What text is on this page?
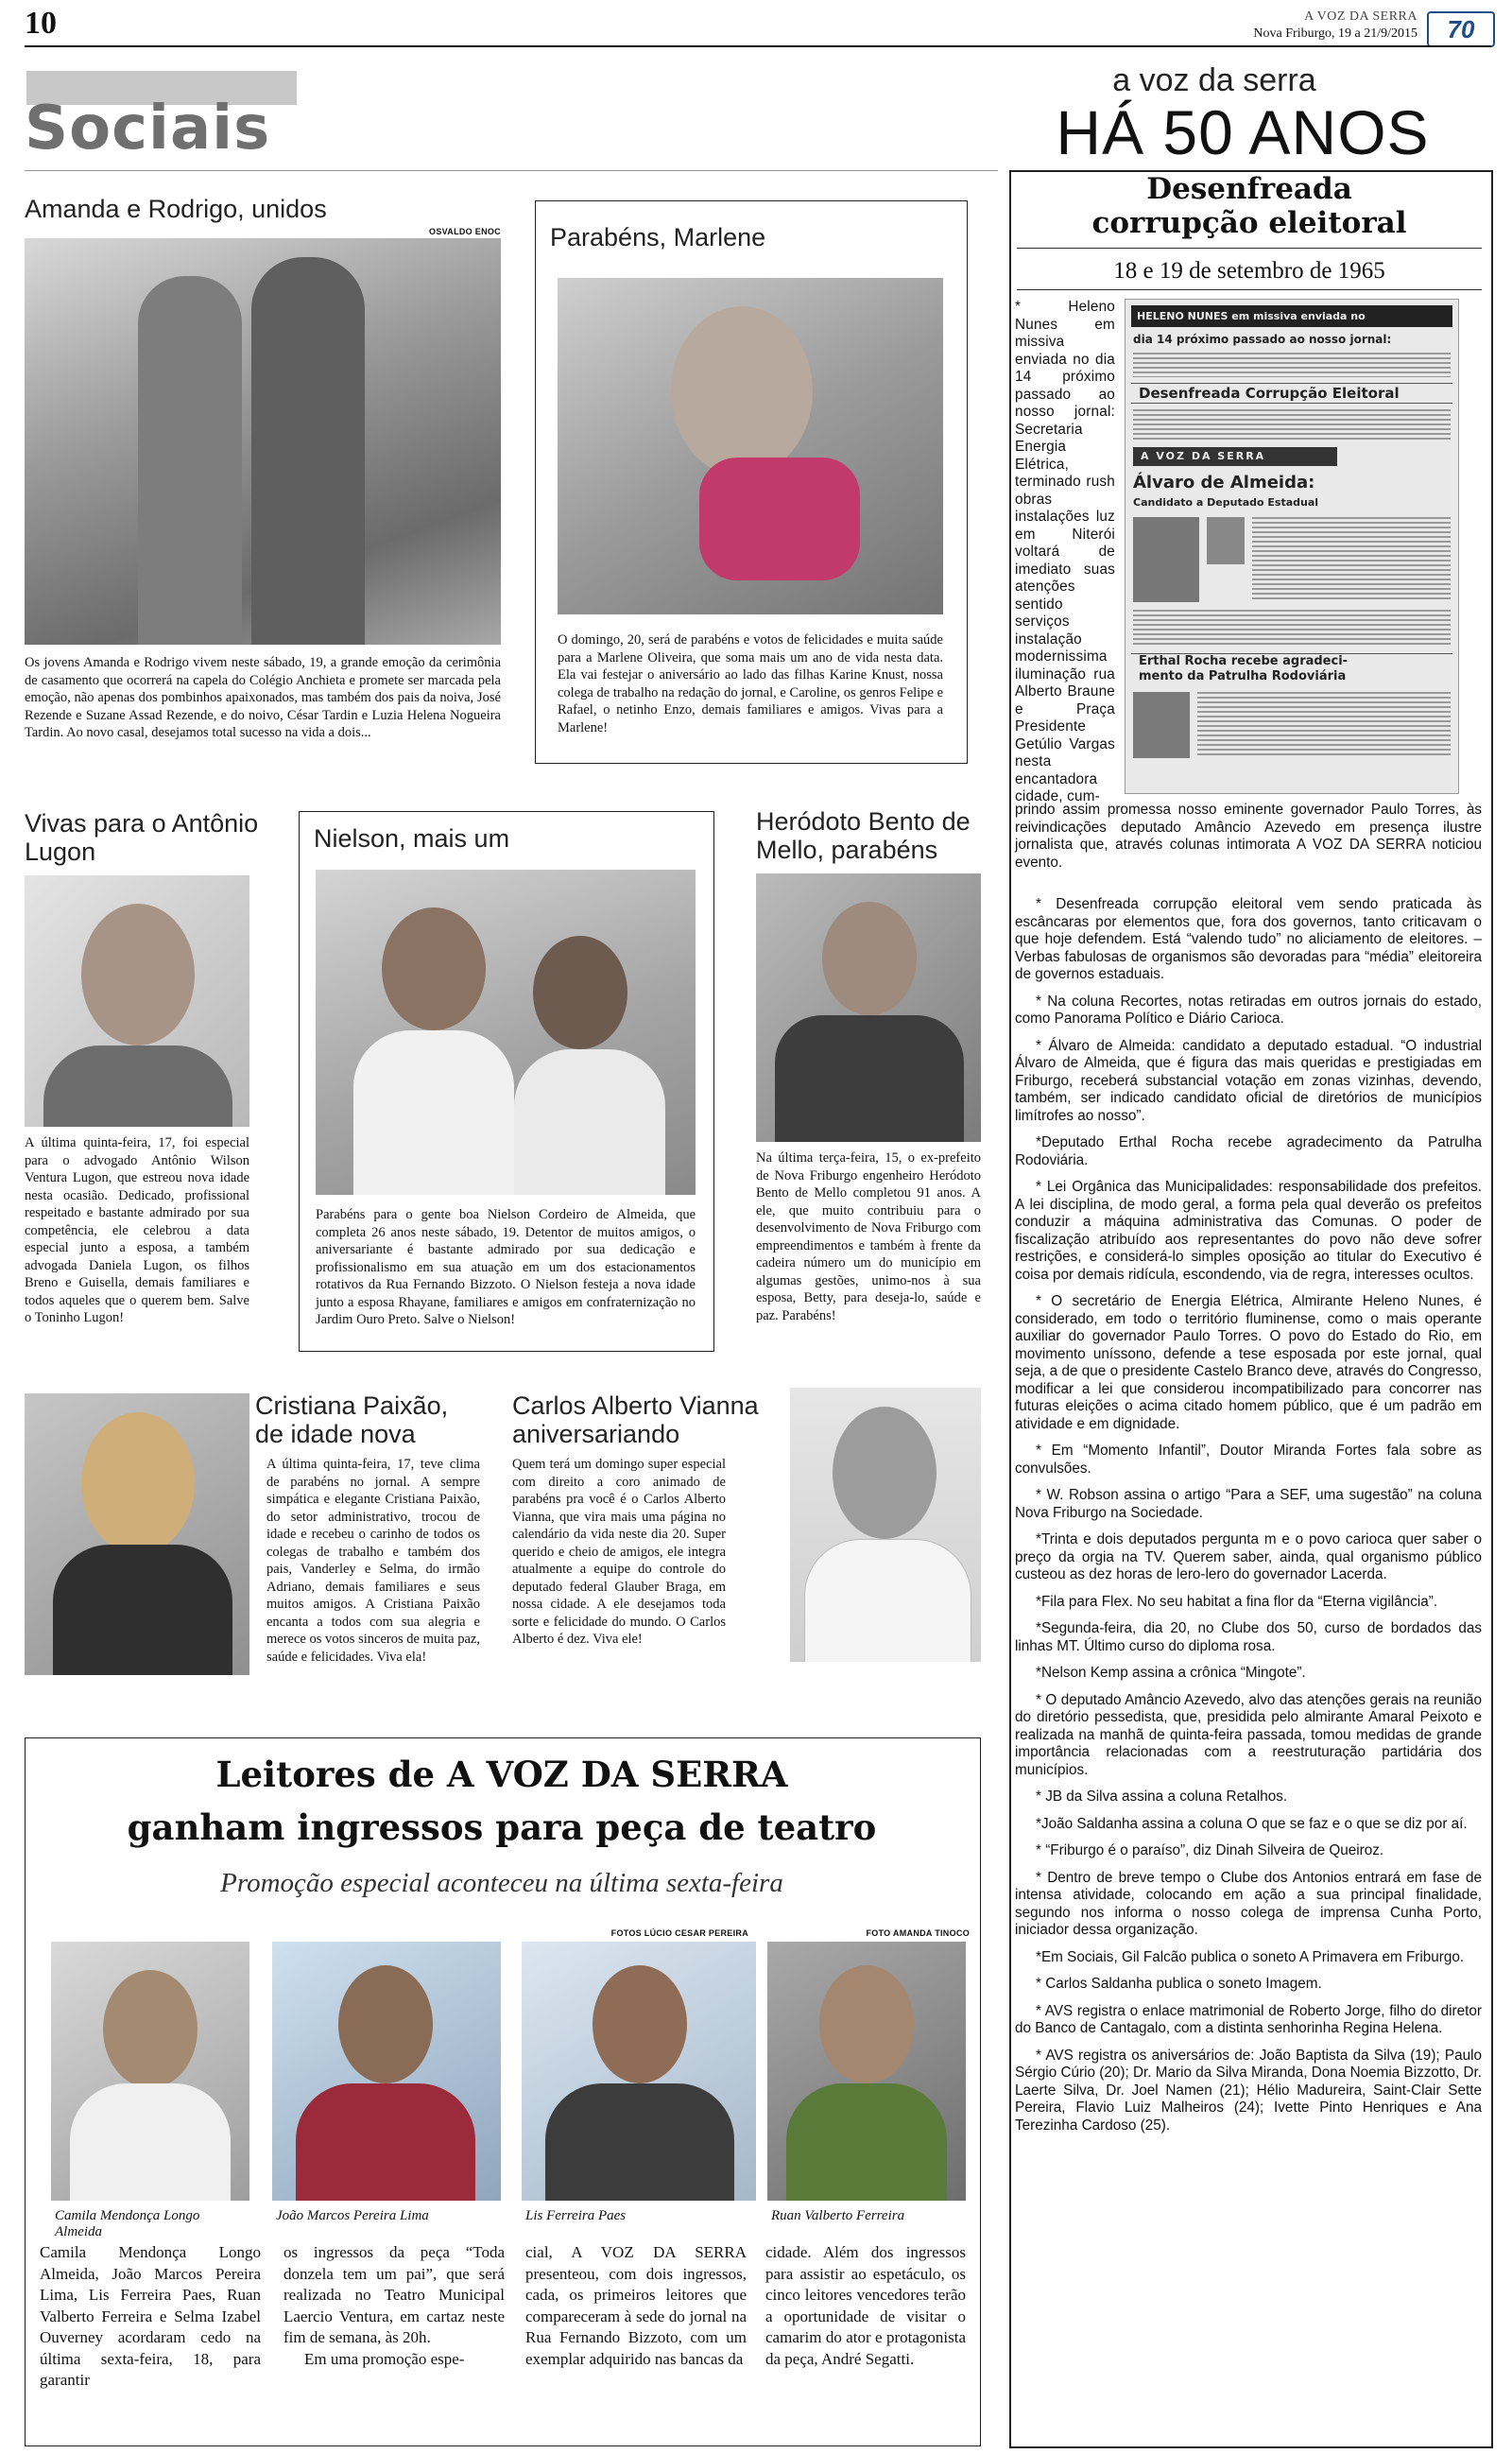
10	A VOZ DA SERRA
Nova Friburgo, 19 a 21/9/2015	70
Sociais
Amanda e Rodrigo, unidos
OSVALDO ENOC
Os jovens Amanda e Rodrigo vivem neste sábado, 19, a grande emoção da cerimônia de casamento que ocorrerá na capela do Colégio Anchieta e promete ser marcada pela emoção, não apenas dos pombinhos apaixonados, mas também dos pais da noiva, José Rezende e Suzane Assad Rezende, e do noivo, César Tardin e Luzia Helena Nogueira Tardin. Ao novo casal, desejamos total sucesso na vida a dois...
Parabéns, Marlene
O domingo, 20, será de parabéns e votos de felicidades e muita saúde para a Marlene Oliveira, que soma mais um ano de vida nesta data. Ela vai festejar o aniversário ao lado das filhas Karine Knust, nossa colega de trabalho na redação do jornal, e Caroline, os genros Felipe e Rafael, o netinho Enzo, demais familiares e amigos. Vivas para a Marlene!
Vivas para o Antônio Lugon
A última quinta-feira, 17, foi especial para o advogado Antônio Wilson Ventura Lugon, que estreou nova idade nesta ocasião. Dedicado, profissional respeitado e bastante admirado por sua competência, ele celebrou a data especial junto a esposa, a também advogada Daniela Lugon, os filhos Breno e Guisella, demais familiares e todos aqueles que o querem bem. Salve o Toninho Lugon!
Nielson, mais um
Parabéns para o gente boa Nielson Cordeiro de Almeida, que completa 26 anos neste sábado, 19. Detentor de muitos amigos, o aniversariante é bastante admirado por sua dedicação e profissionalismo em sua atuação em um dos estacionamentos rotativos da Rua Fernando Bizzoto. O Nielson festeja a nova idade junto a esposa Rhayane, familiares e amigos em confraternização no Jardim Ouro Preto. Salve o Nielson!
Heródoto Bento de Mello, parabéns
Na última terça-feira, 15, o ex-prefeito de Nova Friburgo engenheiro Heródoto Bento de Mello completou 91 anos. A ele, que muito contribuiu para o desenvolvimento de Nova Friburgo com empreendimentos e também à frente da cadeira número um do município em algumas gestões, unimo-nos à sua esposa, Betty, para deseja-lo, saúde e paz. Parabéns!
Cristiana Paixão, de idade nova
A última quinta-feira, 17, teve clima de parabéns no jornal. A sempre simpática e elegante Cristiana Paixão, do setor administrativo, trocou de idade e recebeu o carinho de todos os colegas de trabalho e também dos pais, Vanderley e Selma, do irmão Adriano, demais familiares e seus muitos amigos. A Cristiana Paixão encanta a todos com sua alegria e merece os votos sinceros de muita paz, saúde e felicidades. Viva ela!
Carlos Alberto Vianna aniversariando
Quem terá um domingo super especial com direito a coro animado de parabéns pra você é o Carlos Alberto Vianna, que vira mais uma página no calendário da vida neste dia 20. Super querido e cheio de amigos, ele integra atualmente a equipe do controle do deputado federal Glauber Braga, em nossa cidade. A ele desejamos toda sorte e felicidade do mundo. O Carlos Alberto é dez. Viva ele!
Leitores de A VOZ DA SERRA
ganham ingressos para peça de teatro
Promoção especial aconteceu na última sexta-feira
FOTOS LÚCIO CESAR PEREIRA	FOTO AMANDA TINOCO
Camila Mendonça Longo Almeida
João Marcos Pereira Lima	Lis Ferreira Paes	Ruan Valberto Ferreira
Camila Mendonça Longo Almeida, João Marcos Pereira Lima, Lis Ferreira Paes, Ruan Valberto Ferreira e Selma Izabel Ouverney acordaram cedo na última sexta-feira, 18, para garantir
os ingressos da peça “Toda donzela tem um pai”, que será realizada no Teatro Municipal Laercio Ventura, em cartaz neste fim de semana, às 20h.
Em uma promoção espe-
cial, A VOZ DA SERRA presenteou, com dois ingressos, cada, os primeiros leitores que compareceram à sede do jornal na Rua Fernando Bizzoto, com um exemplar adquirido nas bancas da
cidade. Além dos ingressos para assistir ao espetáculo, os cinco leitores vencedores terão a oportunidade de visitar o camarim do ator e protagonista da peça, André Segatti.
a voz da serra
HÁ 50 ANOS
Desenfreada
corrupção eleitoral
18 e 19 de setembro de 1965
HELENO NUNES em missiva enviada no
dia 14 próximo passado ao nosso jornal:
Desenfreada Corrupção Eleitoral
A VOZ DA SERRA
Álvaro de Almeida:
Candidato a Deputado Estadual
Erthal Rocha recebe agradeci-
mento da Patrulha Rodoviária
* Heleno Nunes em missiva enviada no dia 14 próximo passado ao nosso jornal: Secretaria Energia Elétrica, terminado rush obras instalações luz em Niterói voltará de imediato suas atenções sentido serviços instalação modernissima iluminação rua Alberto Braune e Praça Presidente Getúlio Vargas nesta encantadora cidade, cum-
prindo assim promessa nosso eminente governador Paulo Torres, às reivindicações deputado Amâncio Azevedo em presença ilustre jornalista que, através colunas intimorata A VOZ DA SERRA noticiou evento.

* Desenfreada corrupção eleitoral vem sendo praticada às escâncaras por elementos que, fora dos governos, tanto criticavam o que hoje defendem. Está “valendo tudo” no aliciamento de eleitores. – Verbas fabulosas de organismos são devoradas para “média” eleitoreira de governos estaduais.

* Na coluna Recortes, notas retiradas em outros jornais do estado, como Panorama Político e Diário Carioca.

* Álvaro de Almeida: candidato a deputado estadual. “O industrial Álvaro de Almeida, que é figura das mais queridas e prestigiadas em Friburgo, receberá substancial votação em zonas vizinhas, devendo, também, ser indicado candidato oficial de diretórios de municípios limítrofes ao nosso”.

*Deputado Erthal Rocha recebe agradecimento da Patrulha Rodoviária.

* Lei Orgânica das Municipalidades: responsabilidade dos prefeitos. A lei disciplina, de modo geral, a forma pela qual deverão os prefeitos conduzir a máquina administrativa das Comunas. O poder de fiscalização atribuído aos representantes do povo não deve sofrer restrições, e considerá-lo simples oposição ao titular do Executivo é coisa por demais ridícula, escondendo, via de regra, interesses ocultos.

* O secretário de Energia Elétrica, Almirante Heleno Nunes, é considerado, em todo o território fluminense, como o mais operante auxiliar do governador Paulo Torres. O povo do Estado do Rio, em movimento uníssono, defende a tese esposada por este jornal, qual seja, a de que o presidente Castelo Branco deve, através do Congresso, modificar a lei que considerou incompatibilizado para concorrer nas futuras eleições o acima citado homem público, que é um padrão em atividade e em dignidade.

* Em “Momento Infantil”, Doutor Miranda Fortes fala sobre as convulsões.

* W. Robson assina o artigo “Para a SEF, uma sugestão” na coluna Nova Friburgo na Sociedade.

*Trinta e dois deputados pergunta m e o povo carioca quer saber o preço da orgia na TV. Querem saber, ainda, qual organismo público custeou as dez horas de lero-lero do governador Lacerda.

*Fila para Flex. No seu habitat a fina flor da “Eterna vigilância”.

*Segunda-feira, dia 20, no Clube dos 50, curso de bordados das linhas MT. Último curso do diploma rosa.

*Nelson Kemp assina a crônica “Mingote”.

* O deputado Amâncio Azevedo, alvo das atenções gerais na reunião do diretório pessedista, que, presidida pelo almirante Amaral Peixoto e realizada na manhã de quinta-feira passada, tomou medidas de grande importância relacionadas com a reestruturação partidária dos municípios.

* JB da Silva assina a coluna Retalhos.

*João Saldanha assina a coluna O que se faz e o que se diz por aí.

* “Friburgo é o paraíso”, diz Dinah Silveira de Queiroz.

* Dentro de breve tempo o Clube dos Antonios entrará em fase de intensa atividade, colocando em ação a sua principal finalidade, segundo nos informa o nosso colega de imprensa Cunha Porto, iniciador dessa organização.

*Em Sociais, Gil Falcão publica o soneto A Primavera em Friburgo.

* Carlos Saldanha publica o soneto Imagem.

* AVS registra o enlace matrimonial de Roberto Jorge, filho do diretor do Banco de Cantagalo, com a distinta senhorinha Regina Helena.

* AVS registra os aniversários de: João Baptista da Silva (19); Paulo Sérgio Cúrio (20); Dr. Mario da Silva Miranda, Dona Noemia Bizzotto, Dr. Laerte Silva, Dr. Joel Namen (21); Hélio Madureira, Saint-Clair Sette Pereira, Flavio Luiz Malheiros (24); Ivette Pinto Henriques e Ana Terezinha Cardoso (25).
